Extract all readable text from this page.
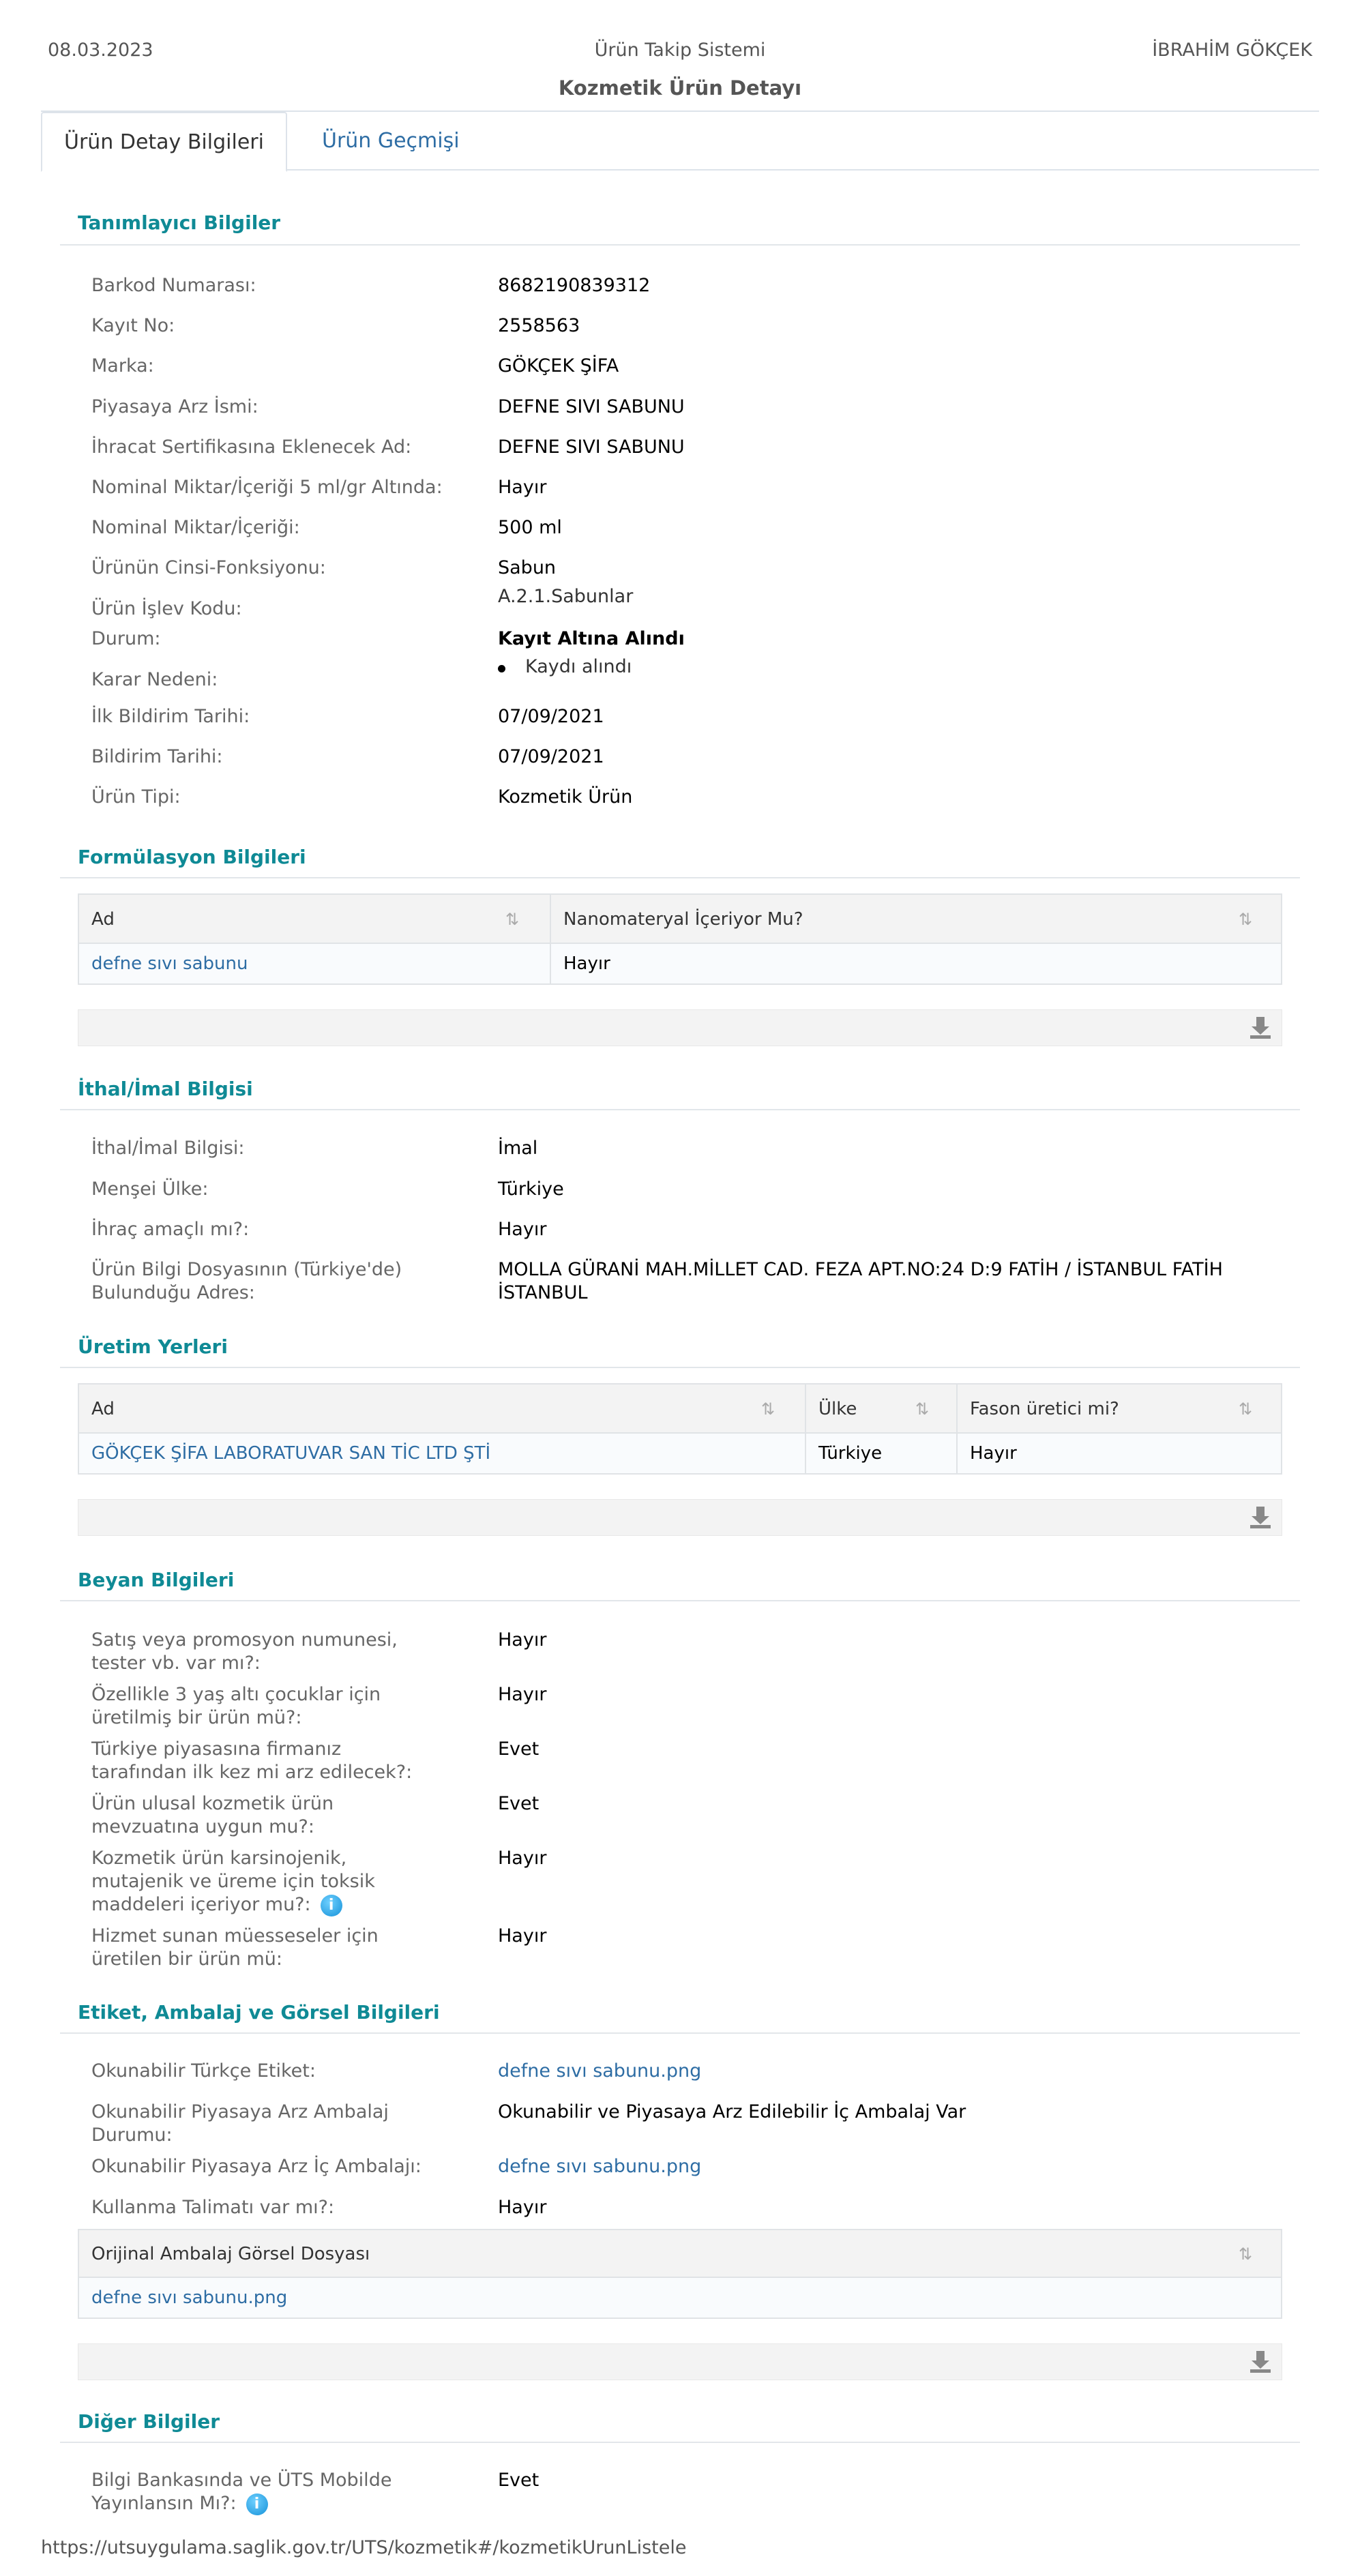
08.03.2023	Ürün Takip Sistemi	İBRAHİM GÖKÇEK
Kozmetik Ürün Detayı
Ürün Detay Bilgileri	Ürün Geçmişi
Tanımlayıcı Bilgiler
Barkod Numarası:	8682190839312
Kayıt No:	2558563
Marka:	GÖKÇEK ŞİFA
Piyasaya Arz İsmi:	DEFNE SIVI SABUNU
İhracat Sertifikasına Eklenecek Ad:	DEFNE SIVI SABUNU
Nominal Miktar/İçeriği 5 ml/gr Altında:	Hayır
Nominal Miktar/İçeriği:	500 ml
Ürünün Cinsi-Fonksiyonu:	Sabun
Ürün İşlev Kodu:
A.2.1.Sabunlar
Durum:	Kayıt Altına Alındı
Karar Nedeni:
Kaydı alındı
İlk Bildirim Tarihi:	07/09/2021
Bildirim Tarihi:	07/09/2021
Ürün Tipi:	Kozmetik Ürün
Formülasyon Bilgileri
Ad	⇅	Nanomateryal İçeriyor Mu?	⇅
defne sıvı sabunu	Hayır
İthal/İmal Bilgisi
İthal/İmal Bilgisi:	İmal
Menşei Ülke:	Türkiye
İhraç amaçlı mı?:	Hayır
Ürün Bilgi Dosyasının (Türkiye'de) Bulunduğu Adres:
MOLLA GÜRANİ MAH.MİLLET CAD. FEZA APT.NO:24 D:9 FATİH / İSTANBUL FATİH İSTANBUL
Üretim Yerleri
Ad	⇅	Ülke	⇅	Fason üretici mi?	⇅
GÖKÇEK ŞİFA LABORATUVAR SAN TİC LTD ŞTİ	Türkiye	Hayır
Beyan Bilgileri
Satış veya promosyon numunesi, tester vb. var mı?:
Hayır
Özellikle 3 yaş altı çocuklar için üretilmiş bir ürün mü?:
Hayır
Türkiye piyasasına firmanız tarafından ilk kez mi arz edilecek?:
Evet
Ürün ulusal kozmetik ürün mevzuatına uygun mu?:
Evet
Kozmetik ürün karsinojenik, mutajenik ve üreme için toksik maddeleri içeriyor mu?: i
Hayır
Hizmet sunan müesseseler için üretilen bir ürün mü:
Hayır
Etiket, Ambalaj ve Görsel Bilgileri
Okunabilir Türkçe Etiket:	defne sıvı sabunu.png
Okunabilir Piyasaya Arz Ambalaj Durumu:
Okunabilir ve Piyasaya Arz Edilebilir İç Ambalaj Var
Okunabilir Piyasaya Arz İç Ambalajı:	defne sıvı sabunu.png
Kullanma Talimatı var mı?:	Hayır
Orijinal Ambalaj Görsel Dosyası	⇅
defne sıvı sabunu.png
Diğer Bilgiler
Bilgi Bankasında ve ÜTS Mobilde Yayınlansın Mı?: i
Evet
https://utsuygulama.saglik.gov.tr/UTS/kozmetik#/kozmetikUrunListele
